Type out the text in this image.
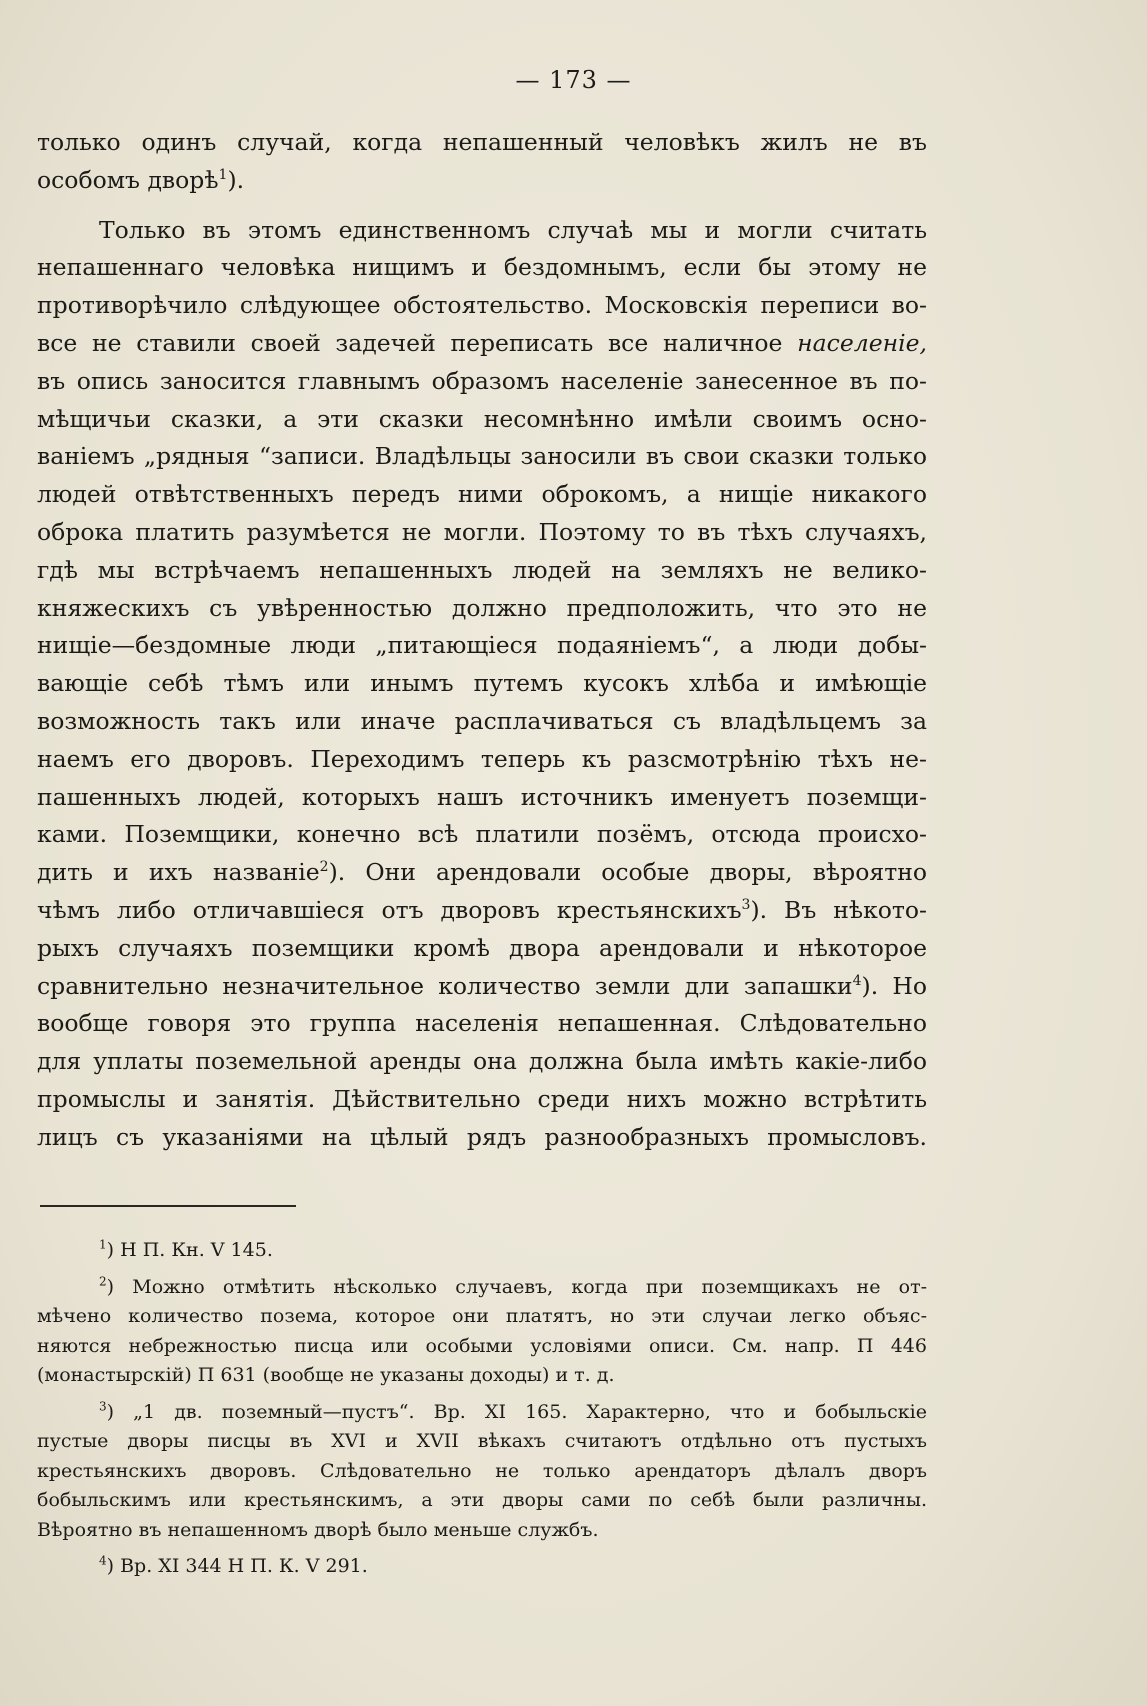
— 173 —
только одинъ случай, когда непашенный человѣкъ жилъ не въ
особомъ дворѣ$^1$).
Только въ этомъ единственномъ случаѣ мы и могли считать
непашеннаго человѣка нищимъ и бездомнымъ, если бы этому не
противорѣчило слѣдующее обстоятельство. Московскія переписи во-
все не ставили своей задечей переписать все наличное населеніе,
въ опись заносится главнымъ образомъ населеніе занесенное въ по-
мѣщичьи сказки, а эти сказки несомнѣнно имѣли своимъ осно-
ваніемъ „рядныя “записи. Владѣльцы заносили въ свои сказки только
людей отвѣтственныхъ передъ ними оброкомъ, а нищіе никакого
оброка платить разумѣется не могли. Поэтому то въ тѣхъ случаяхъ,
гдѣ мы встрѣчаемъ непашенныхъ людей на земляхъ не велико-
княжескихъ съ увѣренностью должно предположить, что это не
нищіе—бездомные люди „питающіеся подаяніемъ“, а люди добы-
вающіе себѣ тѣмъ или инымъ путемъ кусокъ хлѣба и имѣющіе
возможность такъ или иначе расплачиваться съ владѣльцемъ за
наемъ его дворовъ. Переходимъ теперь къ разсмотрѣнію тѣхъ не-
пашенныхъ людей, которыхъ нашъ источникъ именуетъ поземщи-
ками. Поземщики, конечно всѣ платили позёмъ, отсюда происхо-
дить и ихъ названіе$^2$). Они арендовали особые дворы, вѣроятно
чѣмъ либо отличавшіеся отъ дворовъ крестьянскихъ$^3$). Въ нѣкото-
рыхъ случаяхъ поземщики кромѣ двора арендовали и нѣкоторое
сравнительно незначительное количество земли дли запашки$^4$). Но
вообще говоря это группа населенія непашенная. Слѣдовательно
для уплаты поземельной аренды она должна была имѣть какіе-либо
промыслы и занятія. Дѣйствительно среди нихъ можно встрѣтить
лицъ съ указаніями на цѣлый рядъ разнообразныхъ промысловъ.
$^1$) Н П. Кн. V 145.
$^2$) Можно отмѣтить нѣсколько случаевъ, когда при поземщикахъ не от-
мѣчено количество позема, которое они платятъ, но эти случаи легко объяс-
няются небрежностью писца или особыми условіями описи. См. напр. П 446
(монастырскій) П 631 (вообще не указаны доходы) и т. д.
$^3$) „1 дв. поземный—пустъ“. Вр. XI 165. Характерно, что и бобыльскіе
пустые дворы писцы въ XVI и XVII вѣкахъ считаютъ отдѣльно отъ пустыхъ
крестьянскихъ дворовъ. Слѣдовательно не только арендаторъ дѣлалъ дворъ
бобыльскимъ или крестьянскимъ, а эти дворы сами по себѣ были различны.
Вѣроятно въ непашенномъ дворѣ было меньше службъ.
$^4$) Вр. XI 344 Н П. К. V 291.
